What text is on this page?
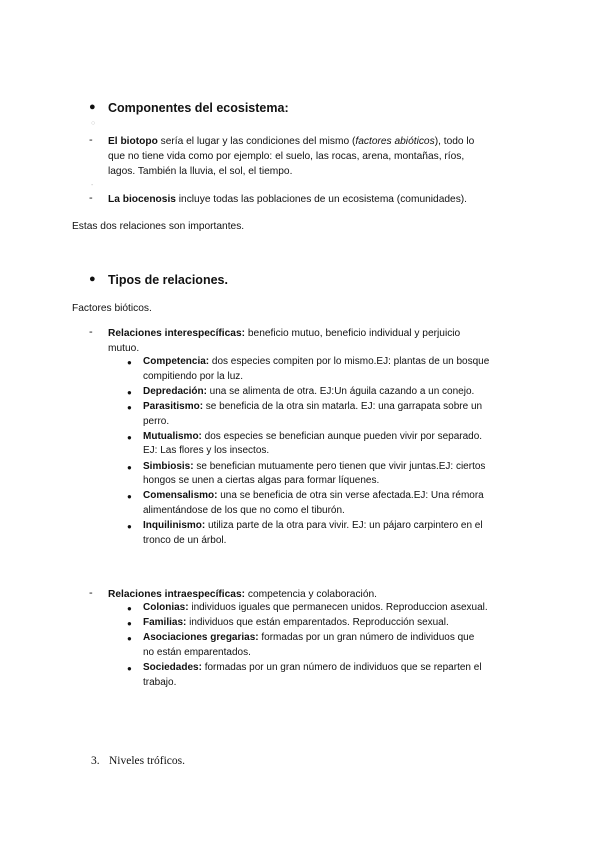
● Componentes del ecosistema:
○
- El biotopo sería el lugar y las condiciones del mismo (factores abióticos), todo lo
que no tiene vida como por ejemplo: el suelo, las rocas, arena, montañas, ríos,
lagos. También la lluvia, el sol, el tiempo.
-
- La biocenosis incluye todas las poblaciones de un ecosistema (comunidades).
Estas dos relaciones son importantes.
● Tipos de relaciones.
Factores bióticos.
- Relaciones interespecíficas: beneficio mutuo, beneficio individual y perjuicio
mutuo.
● Competencia: dos especies compiten por lo mismo.EJ: plantas de un bosque
compitiendo por la luz.
● Depredación: una se alimenta de otra. EJ:Un águila cazando a un conejo.
● Parasitismo: se beneficia de la otra sin matarla. EJ: una garrapata sobre un
perro.
● Mutualismo: dos especies se benefician aunque pueden vivir por separado.
EJ: Las flores y los insectos.
● Simbiosis: se benefician mutuamente pero tienen que vivir juntas.EJ: ciertos
hongos se unen a ciertas algas para formar líquenes.
● Comensalismo: una se beneficia de otra sin verse afectada.EJ: Una rémora
alimentándose de los que no como el tiburón.
● Inquilinismo: utiliza parte de la otra para vivir. EJ: un pájaro carpintero en el
tronco de un árbol.
- Relaciones intraespecíficas: competencia y colaboración.
● Colonias: individuos iguales que permanecen unidos. Reproduccion asexual.
● Familias: individuos que están emparentados. Reproducción sexual.
● Asociaciones gregarias: formadas por un gran número de individuos que
no están emparentados.
● Sociedades: formadas por un gran número de individuos que se reparten el
trabajo.
3. Niveles tróficos.
